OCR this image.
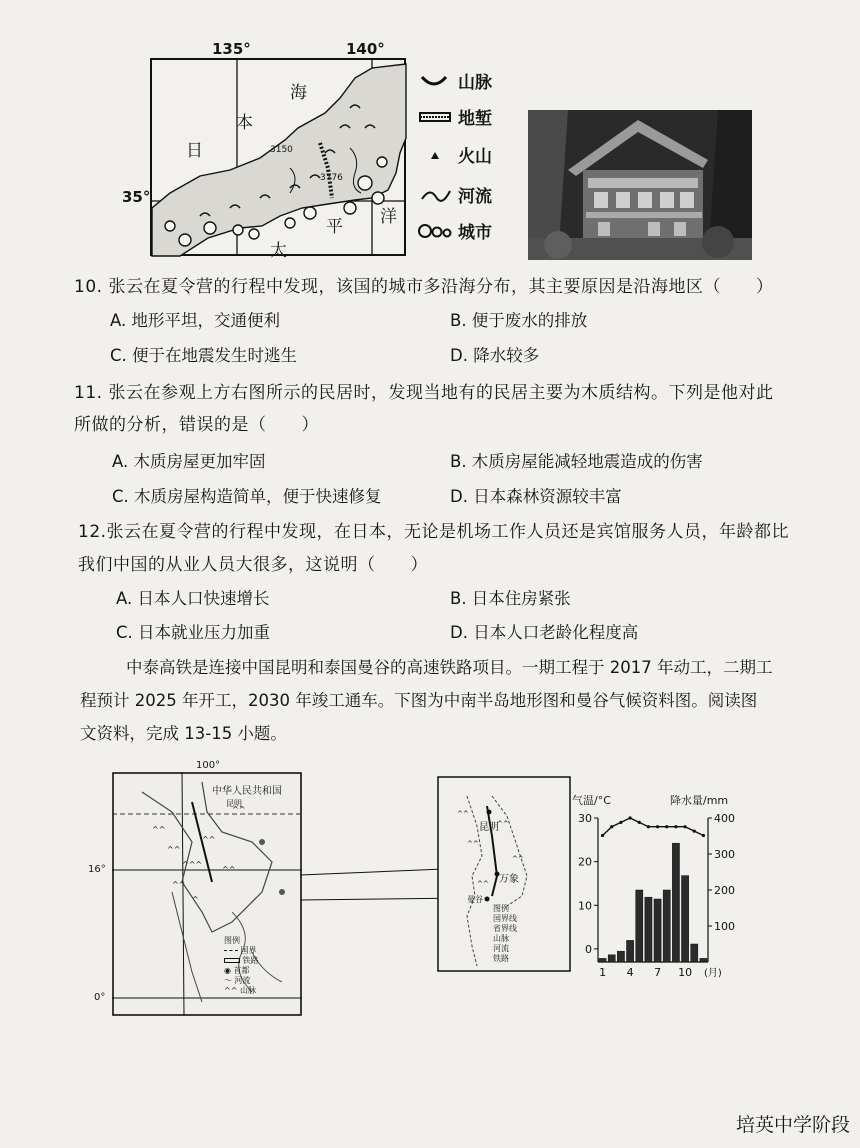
135°	140°
海
本
日	3150
3776
35°
太
平 洋
山脉
地堑
火山
河流
城市
10. 张云在夏令营的行程中发现，该国的城市多沿海分布，其主要原因是沿海地区（　　）
A. 地形平坦，交通便利	B. 便于废水的排放
C. 便于在地震发生时逃生	D. 降水较多
11. 张云在参观上方右图所示的民居时，发现当地有的民居主要为木质结构。下列是他对此
所做的分析，错误的是（　　）
A. 木质房屋更加牢固	B. 木质房屋能减轻地震造成的伤害
C. 木质房屋构造简单，便于快速修复	D. 日本森林资源较丰富
12.张云在夏令营的行程中发现，在日本，无论是机场工作人员还是宾馆服务人员，年龄都比
我们中国的从业人员大很多，这说明（　　）
A. 日本人口快速增长	B. 日本住房紧张
C. 日本就业压力加重	D. 日本人口老龄化程度高
中泰高铁是连接中国昆明和泰国曼谷的高速铁路项目。一期工程于 2017 年动工，二期工
程预计 2025 年开工，2030 年竣工通车。下图为中南半岛地形图和曼谷气候资料图。阅读图
文资料，完成 13-15 小题。
100°
^^
^^
^^^
^^
^^
^^
^^
^
中华人民共和国
昆明
16°
0°
图例
国界
铁路
◉ 首都
〜 河流
^^ 山脉
^^
^^
^^
^^
^^
昆明
万象
曼谷
图例
国界线
省界线
山脉
河流
铁路
气温/°C	降水量/mm
30
20
10
0
400
300
200
100
1 4 7 10 (月)
培英中学阶段
